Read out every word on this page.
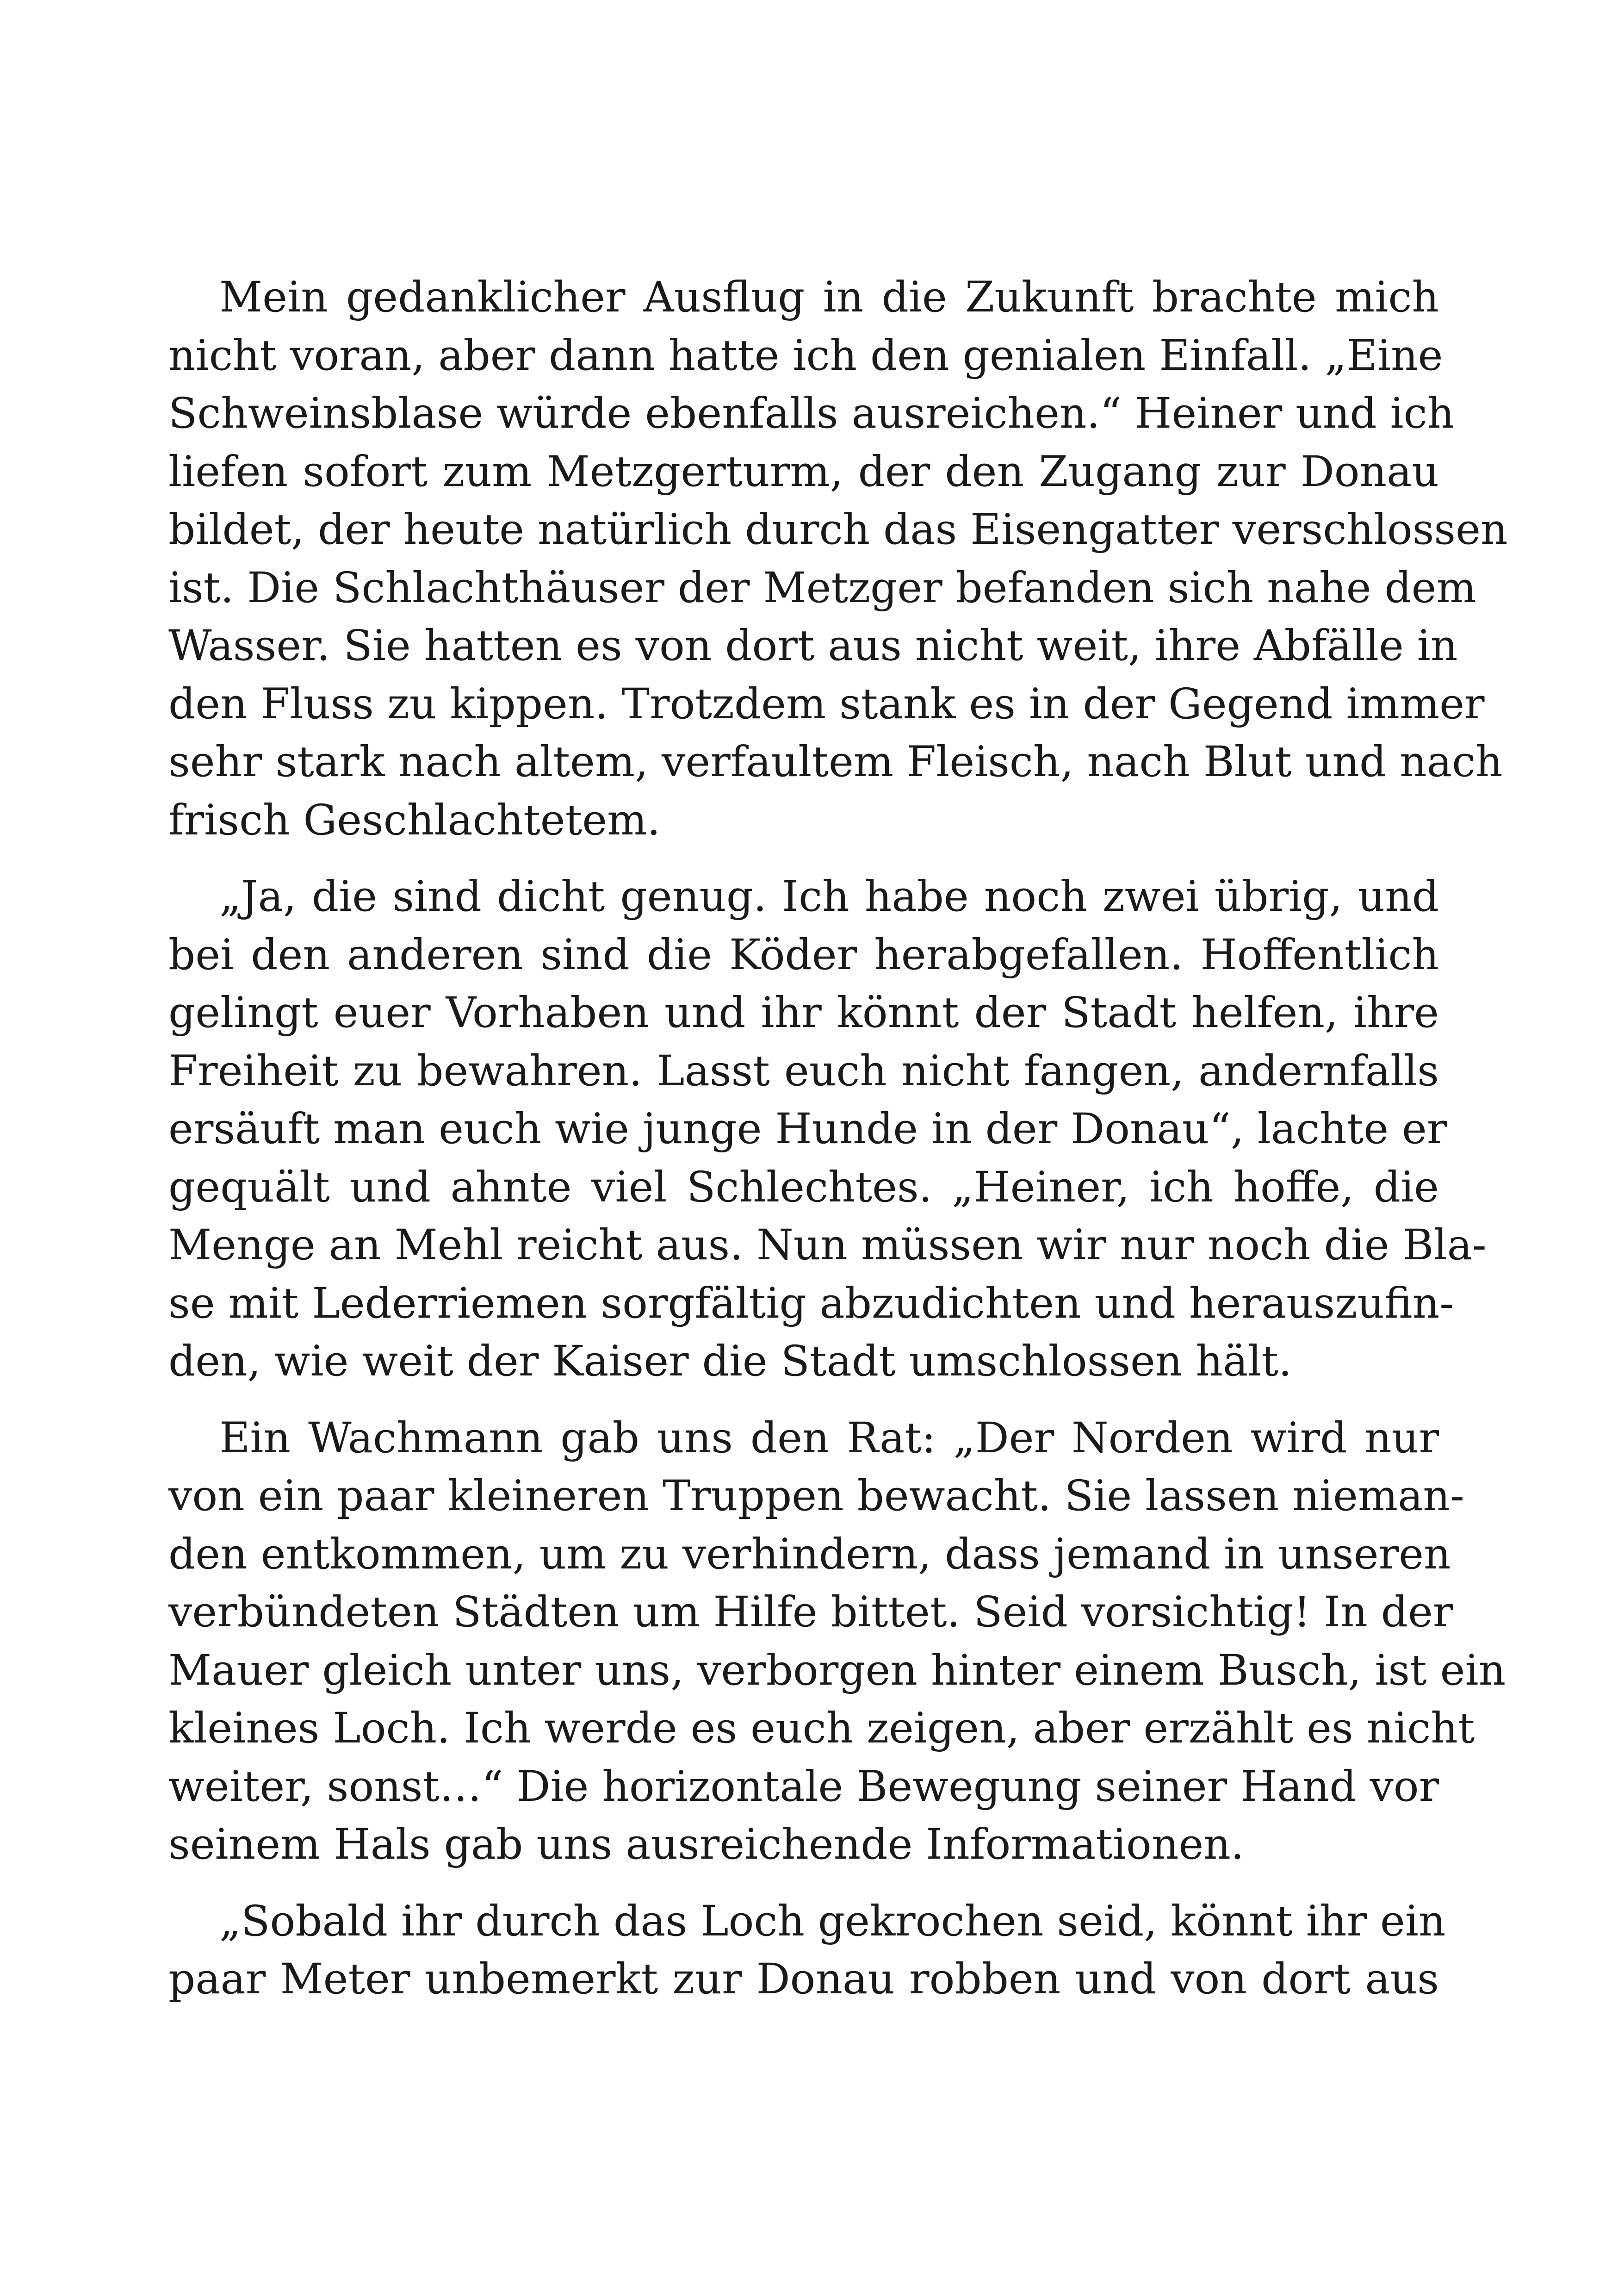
Mein gedanklicher Ausflug in die Zukunft brachte mich
nicht voran, aber dann hatte ich den genialen Einfall. „Eine
Schweinsblase würde ebenfalls ausreichen.“ Heiner und ich
liefen sofort zum Metzgerturm, der den Zugang zur Donau
bildet, der heute natürlich durch das Eisengatter verschlossen
ist. Die Schlachthäuser der Metzger befanden sich nahe dem
Wasser. Sie hatten es von dort aus nicht weit, ihre Abfälle in
den Fluss zu kippen. Trotzdem stank es in der Gegend immer
sehr stark nach altem, verfaultem Fleisch, nach Blut und nach
frisch Geschlachtetem.
„Ja, die sind dicht genug. Ich habe noch zwei übrig, und
bei den anderen sind die Köder herabgefallen. Hoffentlich
gelingt euer Vorhaben und ihr könnt der Stadt helfen, ihre
Freiheit zu bewahren. Lasst euch nicht fangen, andernfalls
ersäuft man euch wie junge Hunde in der Donau“, lachte er
gequält und ahnte viel Schlechtes. „Heiner, ich hoffe, die
Menge an Mehl reicht aus. Nun müssen wir nur noch die Bla-
se mit Lederriemen sorgfältig abzudichten und herauszufin-
den, wie weit der Kaiser die Stadt umschlossen hält.
Ein Wachmann gab uns den Rat: „Der Norden wird nur
von ein paar kleineren Truppen bewacht. Sie lassen nieman-
den entkommen, um zu verhindern, dass jemand in unseren
verbündeten Städten um Hilfe bittet. Seid vorsichtig! In der
Mauer gleich unter uns, verborgen hinter einem Busch, ist ein
kleines Loch. Ich werde es euch zeigen, aber erzählt es nicht
weiter, sonst…“ Die horizontale Bewegung seiner Hand vor
seinem Hals gab uns ausreichende Informationen.
„Sobald ihr durch das Loch gekrochen seid, könnt ihr ein
paar Meter unbemerkt zur Donau robben und von dort aus
